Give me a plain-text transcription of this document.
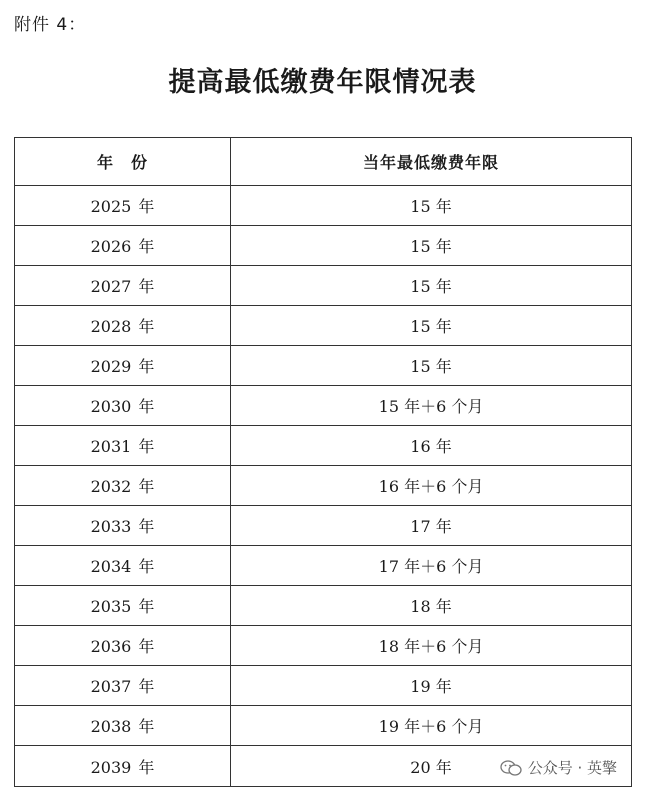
附件 4：
提高最低缴费年限情况表
年　份	当年最低缴费年限
2025 年	15 年
2026 年	15 年
2027 年	15 年
2028 年	15 年
2029 年	15 年
2030 年	15 年＋6 个月
2031 年	16 年
2032 年	16 年＋6 个月
2033 年	17 年
2034 年	17 年＋6 个月
2035 年	18 年
2036 年	18 年＋6 个月
2037 年	19 年
2038 年	19 年＋6 个月
2039 年	20 年	公众号 · 英擎
